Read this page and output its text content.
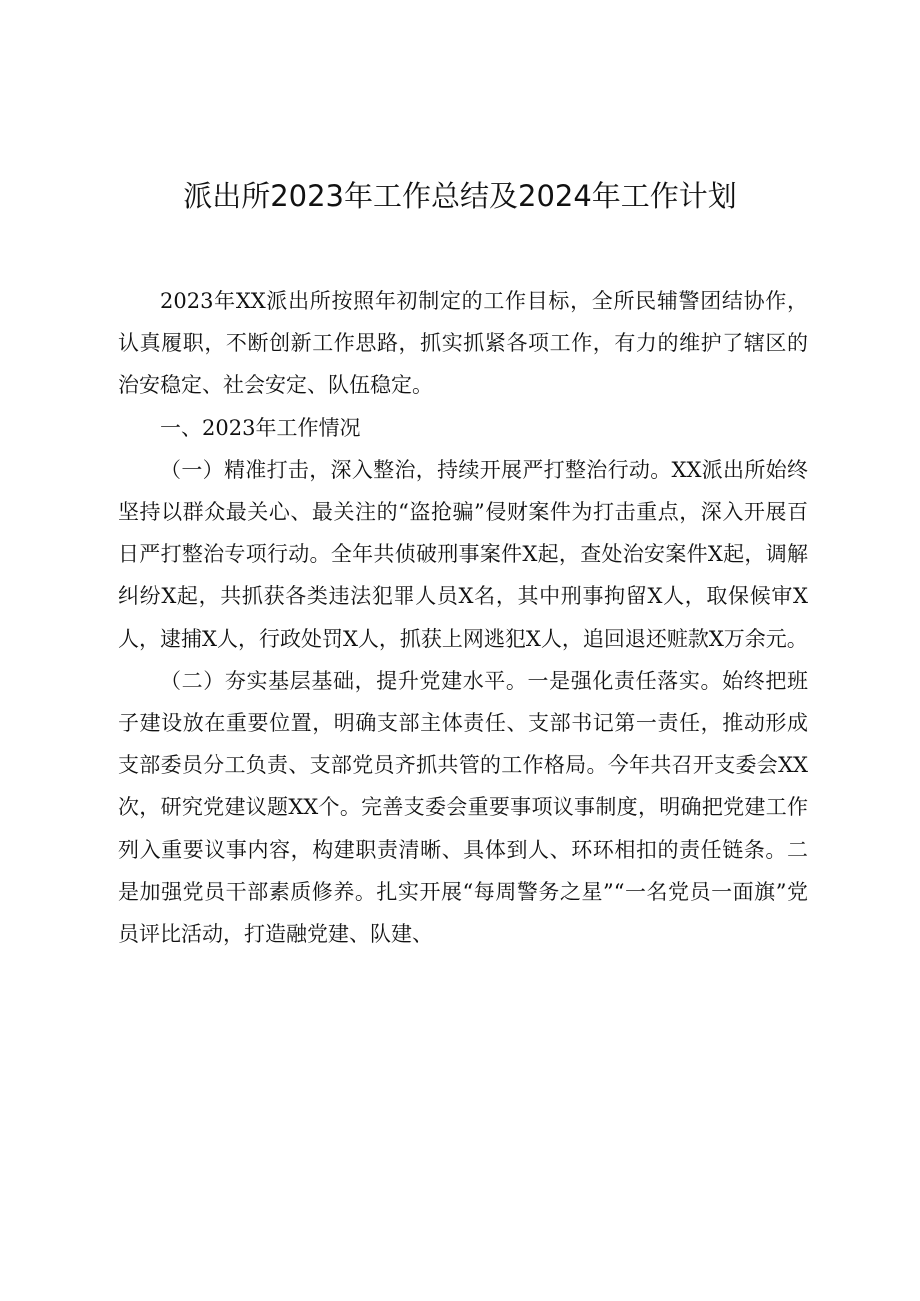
派出所2023年工作总结及2024年工作计划

2023年XX派出所按照年初制定的工作目标，全所民辅警团结协作，认真履职，不断创新工作思路，抓实抓紧各项工作，有力的维护了辖区的治安稳定、社会安定、队伍稳定。

一、2023年工作情况

（一）精准打击，深入整治，持续开展严打整治行动。XX派出所始终坚持以群众最关心、最关注的“盗抢骗”侵财案件为打击重点，深入开展百日严打整治专项行动。全年共侦破刑事案件X起，查处治安案件X起，调解纠纷X起，共抓获各类违法犯罪人员X名，其中刑事拘留X人，取保候审X人，逮捕X人，行政处罚X人，抓获上网逃犯X人，追回退还赃款X万余元。

（二）夯实基层基础，提升党建水平。一是强化责任落实。始终把班子建设放在重要位置，明确支部主体责任、支部书记第一责任，推动形成支部委员分工负责、支部党员齐抓共管的工作格局。今年共召开支委会XX次，研究党建议题XX个。完善支委会重要事项议事制度，明确把党建工作列入重要议事内容，构建职责清晰、具体到人、环环相扣的责任链条。二是加强党员干部素质修养。扎实开展“每周警务之星”“一名党员一面旗”党员评比活动，打造融党建、队建、
